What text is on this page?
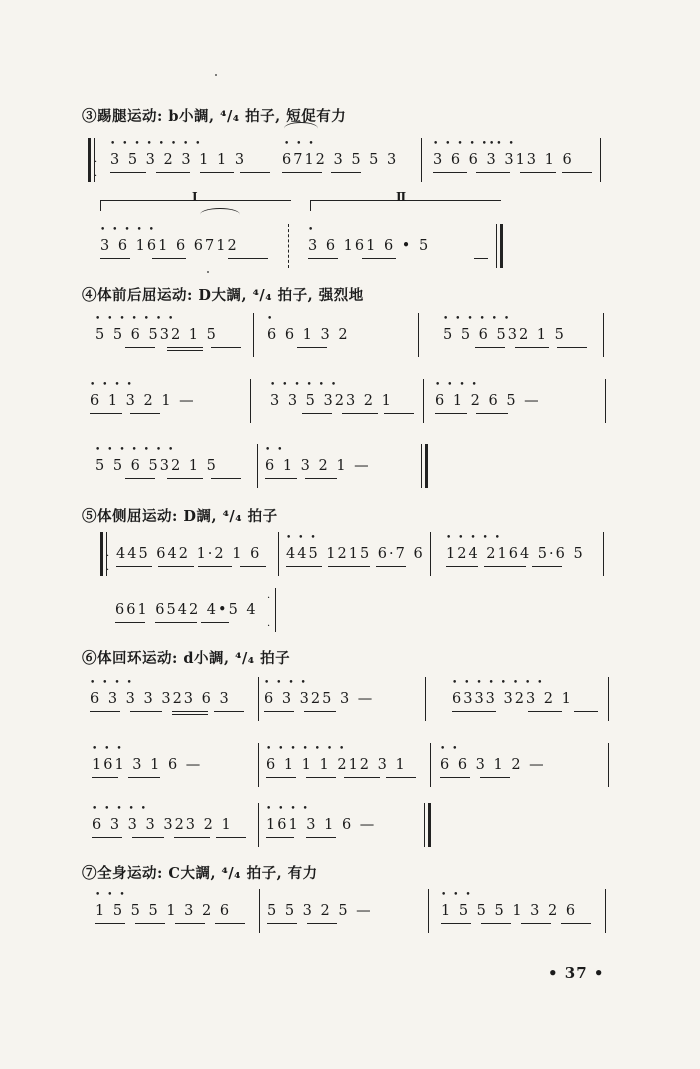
③踢腿运动: b小調, ⁴/₄ 拍子, 短促有力
·
·
• • • • • • • •
3 5 3 2 3 1 1 3
• • •
6712 3 5 5 3
• • • • ••• •
3 6 6 3 313 1 6
Ⅰ	Ⅱ
• • • • •
3 6 161 6 6712
•
3 6 161 6 • 5
④体前后屈运动: D大調, ⁴/₄ 拍子, 强烈地
• • • • • • •
5 5 6 532 1 5
•
6 6 1 3 2
• • • • • •
5 5 6 532 1 5
• • • •
6 1 3 2 1 —
• • • • • •
3 3 5 323 2 1
• • • •
6 1 2 6 5 —
• • • • • • •
5 5 6 532 1 5
• •
6 1 3 2 1 —
⑤体侧屈运动: D調, ⁴/₄ 拍子
·
·
445 642 1·2 1 6
• • •
445 1215 6·7 6
• • • • •
124 2164 5·6 5
661 6542 4•5 4
·

·
⑥体回环运动: d小調, ⁴/₄ 拍子
• • • •
6 3 3 3 323 6 3
• • • •
6 3 325 3 —
• • • • • • • •
6333 323 2 1
• • •
161 3 1 6 —
• • • • • • •
6 1 1 1 212 3 1
• •
6 6 3 1 2 —
• • • • •
6 3 3 3 323 2 1
• • • •
161 3 1 6 —
⑦全身运动: C大調, ⁴/₄ 拍子, 有力
• • •
1 5 5 5 1 3 2 6 5 5 3 2 5 —
• • •
1 5 5 5 1 3 2 6
• 37 •
